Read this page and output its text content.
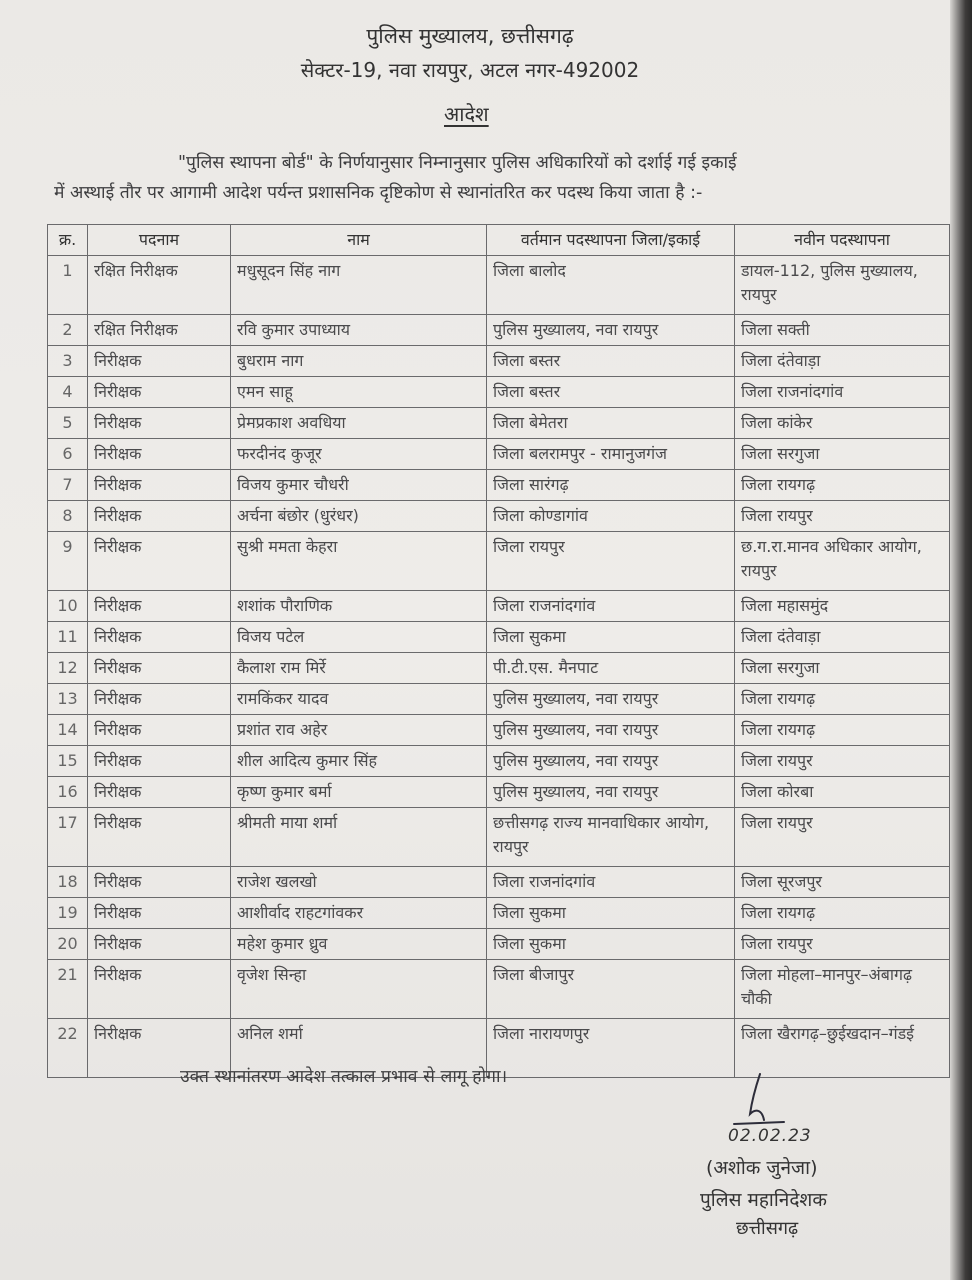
पुलिस मुख्यालय, छत्तीसगढ़
सेक्टर-19, नवा रायपुर, अटल नगर-492002
आदेश
"पुलिस स्थापना बोर्ड" के निर्णयानुसार निम्नानुसार पुलिस अधिकारियों को दर्शाई गई इकाई
में अस्थाई तौर पर आगामी आदेश पर्यन्त प्रशासनिक दृष्टिकोण से स्थानांतरित कर पदस्थ किया जाता है :-
क्र.	पदनाम	नाम	वर्तमान पदस्थापना जिला/इकाई	नवीन पदस्थापना
1	रक्षित निरीक्षक	मधुसूदन सिंह नाग	जिला बालोद	डायल-112, पुलिस मुख्यालय, रायपुर
2	रक्षित निरीक्षक	रवि कुमार उपाध्याय	पुलिस मुख्यालय, नवा रायपुर	जिला सक्ती
3	निरीक्षक	बुधराम नाग	जिला बस्तर	जिला दंतेवाड़ा
4	निरीक्षक	एमन साहू	जिला बस्तर	जिला राजनांदगांव
5	निरीक्षक	प्रेमप्रकाश अवधिया	जिला बेमेतरा	जिला कांकेर
6	निरीक्षक	फरदीनंद कुजूर	जिला बलरामपुर - रामानुजगंज	जिला सरगुजा
7	निरीक्षक	विजय कुमार चौधरी	जिला सारंगढ़	जिला रायगढ़
8	निरीक्षक	अर्चना बंछोर (धुरंधर)	जिला कोण्डागांव	जिला रायपुर
9	निरीक्षक	सुश्री ममता केहरा	जिला रायपुर	छ.ग.रा.मानव अधिकार आयोग, रायपुर
10	निरीक्षक	शशांक पौराणिक	जिला राजनांदगांव	जिला महासमुंद
11	निरीक्षक	विजय पटेल	जिला सुकमा	जिला दंतेवाड़ा
12	निरीक्षक	कैलाश राम मिर्रे	पी.टी.एस. मैनपाट	जिला सरगुजा
13	निरीक्षक	रामकिंकर यादव	पुलिस मुख्यालय, नवा रायपुर	जिला रायगढ़
14	निरीक्षक	प्रशांत राव अहेर	पुलिस मुख्यालय, नवा रायपुर	जिला रायगढ़
15	निरीक्षक	शील आदित्य कुमार सिंह	पुलिस मुख्यालय, नवा रायपुर	जिला रायपुर
16	निरीक्षक	कृष्ण कुमार बर्मा	पुलिस मुख्यालय, नवा रायपुर	जिला कोरबा
17	निरीक्षक	श्रीमती माया शर्मा	छत्तीसगढ़ राज्य मानवाधिकार आयोग, रायपुर	जिला रायपुर
18	निरीक्षक	राजेश खलखो	जिला राजनांदगांव	जिला सूरजपुर
19	निरीक्षक	आशीर्वाद राहटगांवकर	जिला सुकमा	जिला रायगढ़
20	निरीक्षक	महेश कुमार ध्रुव	जिला सुकमा	जिला रायपुर
21	निरीक्षक	वृजेश सिन्हा	जिला बीजापुर	जिला मोहला–मानपुर–अंबागढ़ चौकी
22	निरीक्षक	अनिल शर्मा	जिला नारायणपुर	जिला खैरागढ़–छुईखदान–गंडई
उक्त स्थानांतरण आदेश तत्काल प्रभाव से लागू होगा।
02.02.23
(अशोक जुनेजा)
पुलिस महानिदेशक
छत्तीसगढ़
